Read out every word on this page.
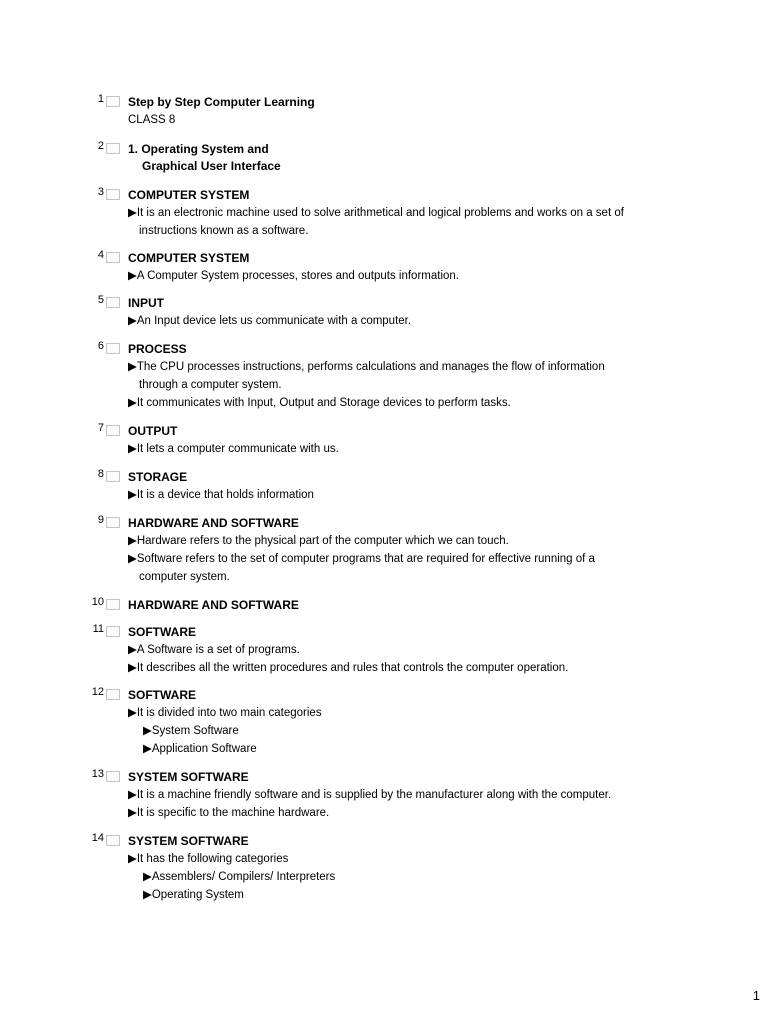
1 Step by Step Computer Learning
CLASS 8
2 1. Operating System and
Graphical User Interface
3 COMPUTER SYSTEM
▶It is an electronic machine used to solve arithmetical and logical problems and works on a set of
instructions known as a software.
4 COMPUTER SYSTEM
▶A Computer System processes, stores and outputs information.
5 INPUT
▶An Input device lets us communicate with a computer.
6 PROCESS
▶The CPU processes instructions, performs calculations and manages the flow of information
through a computer system.
▶It communicates with Input, Output and Storage devices to perform tasks.
7 OUTPUT
▶It lets a computer communicate with us.
8 STORAGE
▶It is a device that holds information
9 HARDWARE AND SOFTWARE
▶Hardware refers to the physical part of the computer which we can touch.
▶Software refers to the set of computer programs that are required for effective running of a
computer system.
10 HARDWARE AND SOFTWARE
11 SOFTWARE
▶A Software is a set of programs.
▶It describes all the written procedures and rules that controls the computer operation.
12 SOFTWARE
▶It is divided into two main categories
▶System Software
▶Application Software
13 SYSTEM SOFTWARE
▶It is a machine friendly software and is supplied by the manufacturer along with the computer.
▶It is specific to the machine hardware.
14 SYSTEM SOFTWARE
▶It has the following categories
▶Assemblers/ Compilers/ Interpreters
▶Operating System
1
